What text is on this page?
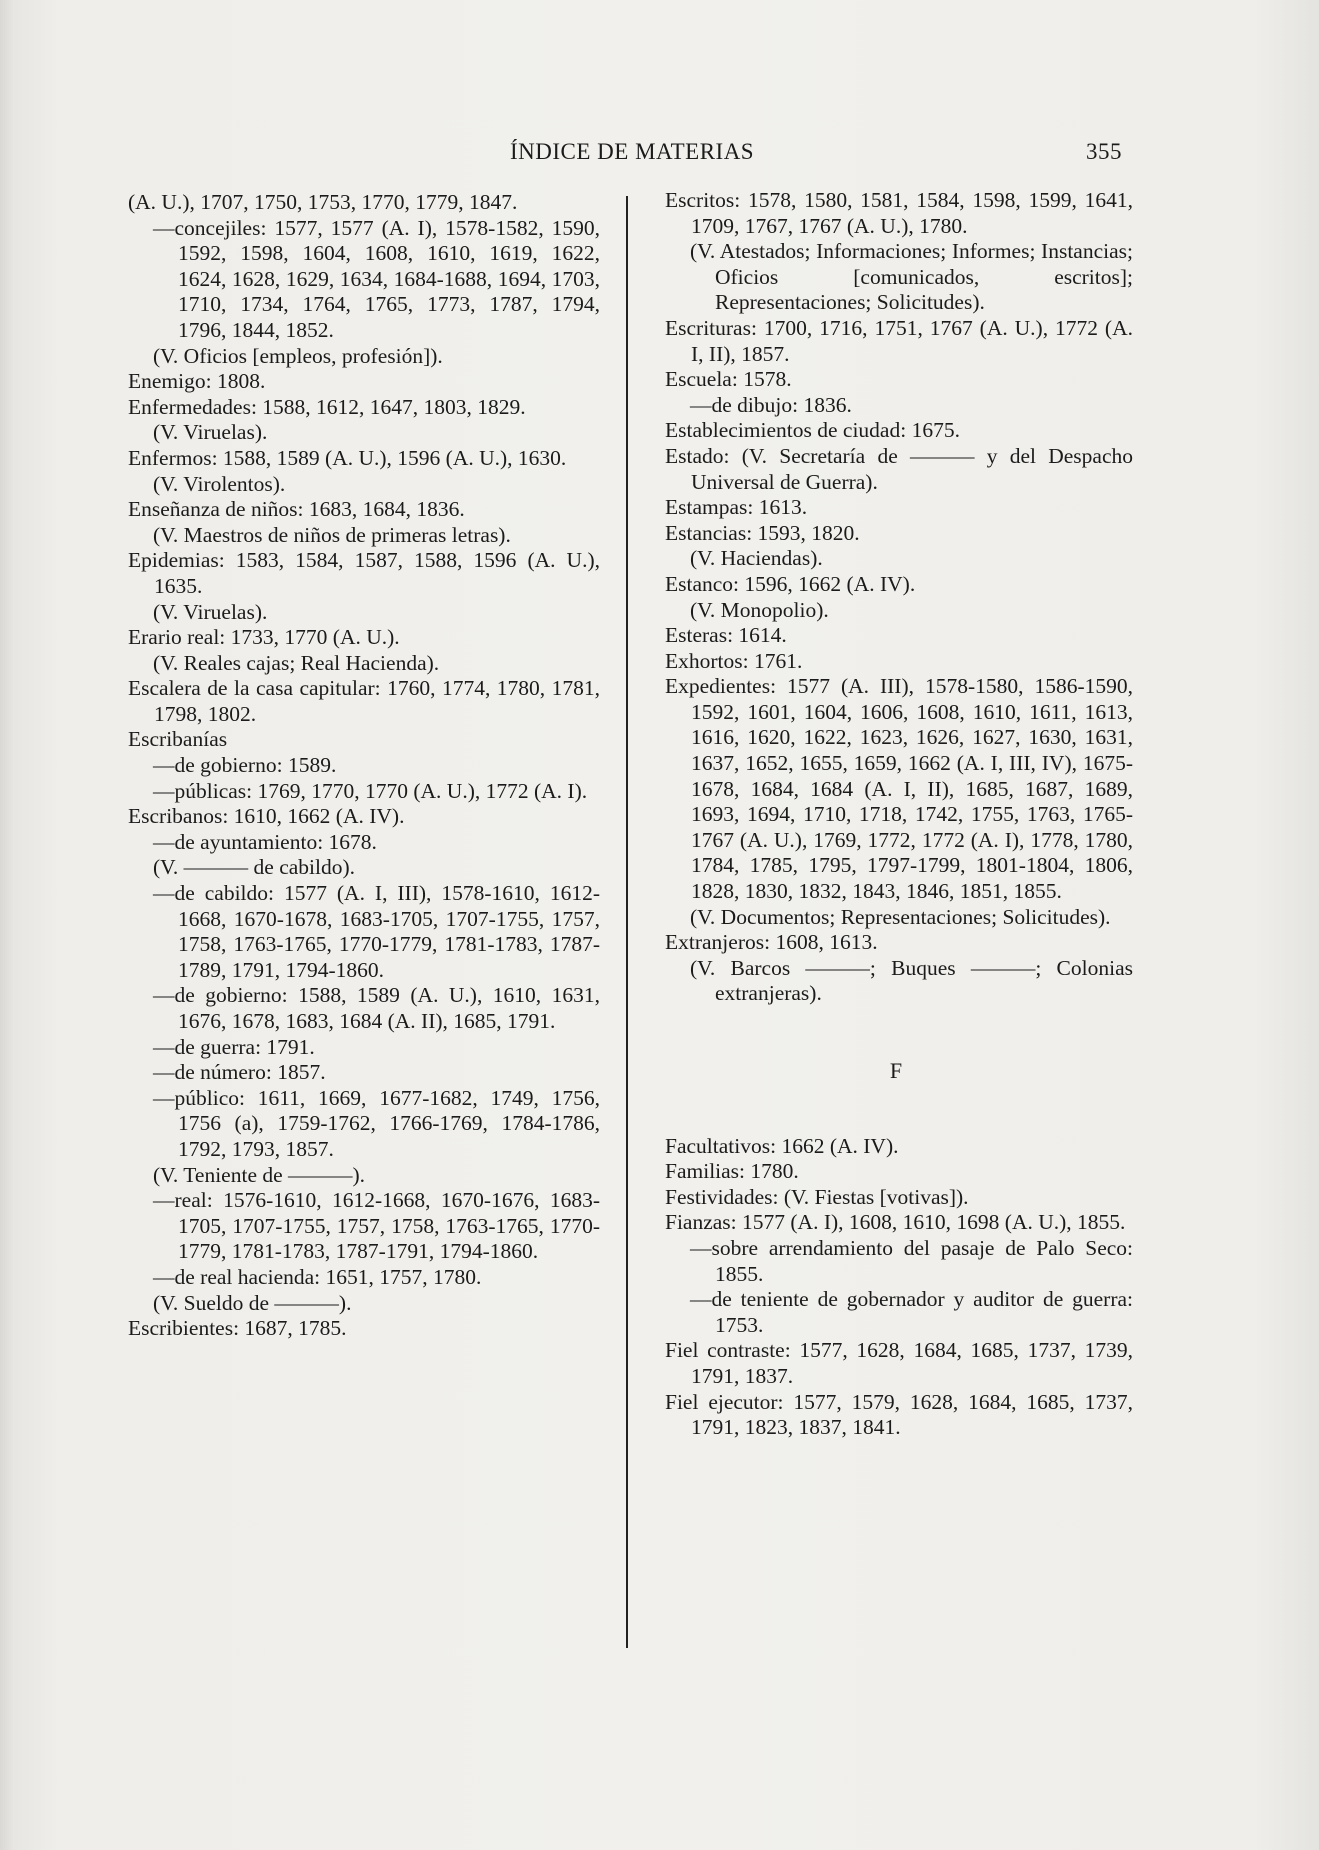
ÍNDICE DE MATERIAS	355
(A. U.), 1707, 1750, 1753, 1770, 1779, 1847.
—concejiles: 1577, 1577 (A. I), 1578-1582, 1590, 1592, 1598, 1604, 1608, 1610, 1619, 1622, 1624, 1628, 1629, 1634, 1684-1688, 1694, 1703, 1710, 1734, 1764, 1765, 1773, 1787, 1794, 1796, 1844, 1852.
(V. Oficios [empleos, profesión]).
Enemigo: 1808.
Enfermedades: 1588, 1612, 1647, 1803, 1829.
(V. Viruelas).
Enfermos: 1588, 1589 (A. U.), 1596 (A. U.), 1630.
(V. Virolentos).
Enseñanza de niños: 1683, 1684, 1836.
(V. Maestros de niños de primeras letras).
Epidemias: 1583, 1584, 1587, 1588, 1596 (A. U.), 1635.
(V. Viruelas).
Erario real: 1733, 1770 (A. U.).
(V. Reales cajas; Real Hacienda).
Escalera de la casa capitular: 1760, 1774, 1780, 1781, 1798, 1802.
Escribanías
—de gobierno: 1589.
—públicas: 1769, 1770, 1770 (A. U.), 1772 (A. I).
Escribanos: 1610, 1662 (A. IV).
—de ayuntamiento: 1678.
(V. ——— de cabildo).
—de cabildo: 1577 (A. I, III), 1578-1610, 1612-1668, 1670-1678, 1683-1705, 1707-1755, 1757, 1758, 1763-1765, 1770-1779, 1781-1783, 1787-1789, 1791, 1794-1860.
—de gobierno: 1588, 1589 (A. U.), 1610, 1631, 1676, 1678, 1683, 1684 (A. II), 1685, 1791.
—de guerra: 1791.
—de número: 1857.
—público: 1611, 1669, 1677-1682, 1749, 1756, 1756 (a), 1759-1762, 1766-1769, 1784-1786, 1792, 1793, 1857.
(V. Teniente de ———).
—real: 1576-1610, 1612-1668, 1670-1676, 1683-1705, 1707-1755, 1757, 1758, 1763-1765, 1770-1779, 1781-1783, 1787-1791, 1794-1860.
—de real hacienda: 1651, 1757, 1780.
(V. Sueldo de ———).
Escribientes: 1687, 1785.
Escritos: 1578, 1580, 1581, 1584, 1598, 1599, 1641, 1709, 1767, 1767 (A. U.), 1780.
(V. Atestados; Informaciones; Informes; Instancias; Oficios [comunicados, escritos]; Representaciones; Solicitudes).
Escrituras: 1700, 1716, 1751, 1767 (A. U.), 1772 (A. I, II), 1857.
Escuela: 1578.
—de dibujo: 1836.
Establecimientos de ciudad: 1675.
Estado: (V. Secretaría de ——— y del Despacho Universal de Guerra).
Estampas: 1613.
Estancias: 1593, 1820.
(V. Haciendas).
Estanco: 1596, 1662 (A. IV).
(V. Monopolio).
Esteras: 1614.
Exhortos: 1761.
Expedientes: 1577 (A. III), 1578-1580, 1586-1590, 1592, 1601, 1604, 1606, 1608, 1610, 1611, 1613, 1616, 1620, 1622, 1623, 1626, 1627, 1630, 1631, 1637, 1652, 1655, 1659, 1662 (A. I, III, IV), 1675-1678, 1684, 1684 (A. I, II), 1685, 1687, 1689, 1693, 1694, 1710, 1718, 1742, 1755, 1763, 1765-1767 (A. U.), 1769, 1772, 1772 (A. I), 1778, 1780, 1784, 1785, 1795, 1797-1799, 1801-1804, 1806, 1828, 1830, 1832, 1843, 1846, 1851, 1855.
(V. Documentos; Representaciones; Solicitudes).
Extranjeros: 1608, 1613.
(V. Barcos ———; Buques ———; Colonias extranjeras).
F
Facultativos: 1662 (A. IV).
Familias: 1780.
Festividades: (V. Fiestas [votivas]).
Fianzas: 1577 (A. I), 1608, 1610, 1698 (A. U.), 1855.
—sobre arrendamiento del pasaje de Palo Seco: 1855.
—de teniente de gobernador y auditor de guerra: 1753.
Fiel contraste: 1577, 1628, 1684, 1685, 1737, 1739, 1791, 1837.
Fiel ejecutor: 1577, 1579, 1628, 1684, 1685, 1737, 1791, 1823, 1837, 1841.
